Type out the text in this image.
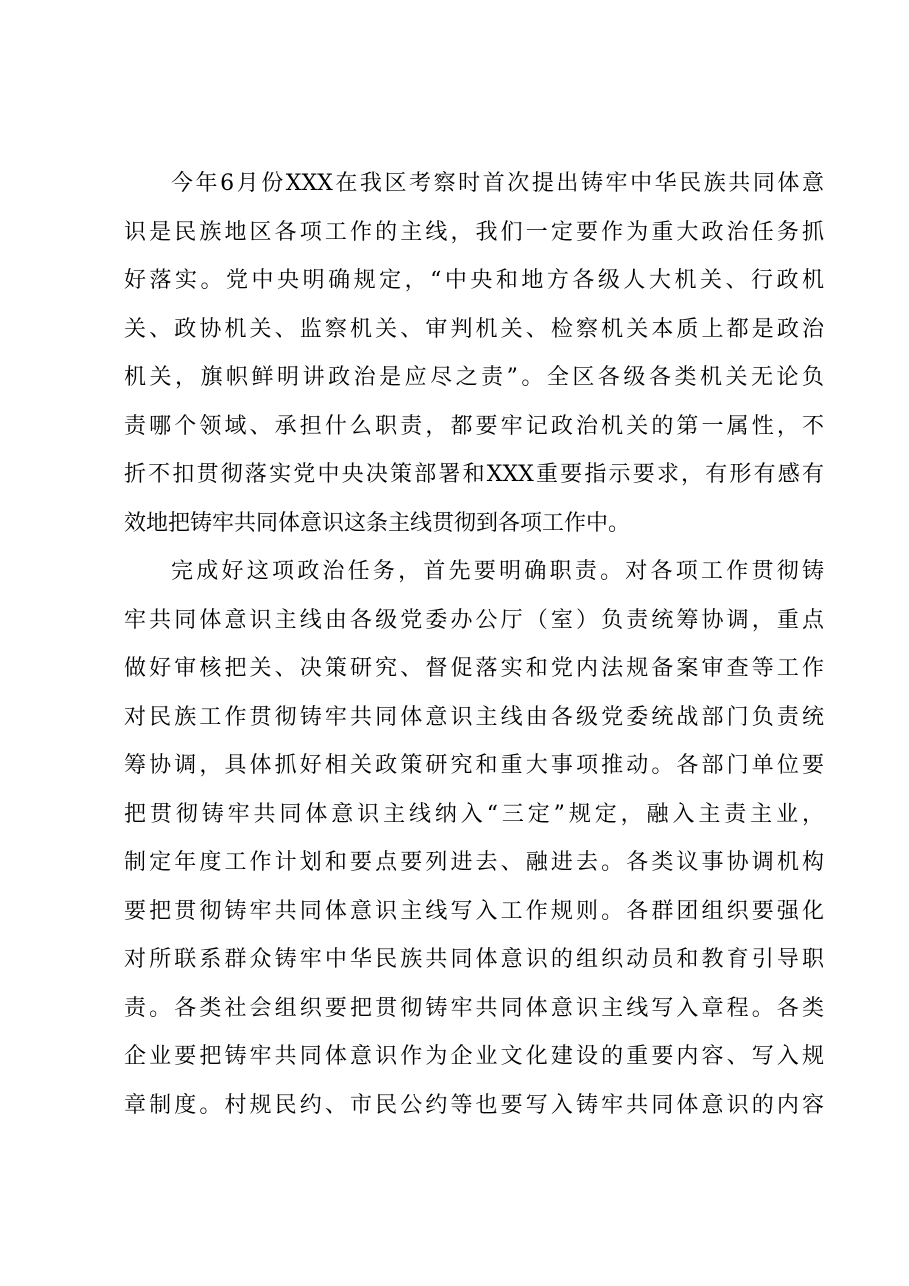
今年6月份XXX在我区考察时首次提出铸牢中华民族共同体意

识是民族地区各项工作的主线，我们一定要作为重大政治任务抓

好落实。党中央明确规定，“中央和地方各级人大机关、行政机

关、政协机关、监察机关、审判机关、检察机关本质上都是政治

机关，旗帜鲜明讲政治是应尽之责”。全区各级各类机关无论负

责哪个领域、承担什么职责，都要牢记政治机关的第一属性，不

折不扣贯彻落实党中央决策部署和XXX重要指示要求，有形有感有

效地把铸牢共同体意识这条主线贯彻到各项工作中。

完成好这项政治任务，首先要明确职责。对各项工作贯彻铸

牢共同体意识主线由各级党委办公厅（室）负责统筹协调，重点

做好审核把关、决策研究、督促落实和党内法规备案审查等工作

对民族工作贯彻铸牢共同体意识主线由各级党委统战部门负责统

筹协调，具体抓好相关政策研究和重大事项推动。各部门单位要

把贯彻铸牢共同体意识主线纳入“三定”规定，融入主责主业，

制定年度工作计划和要点要列进去、融进去。各类议事协调机构

要把贯彻铸牢共同体意识主线写入工作规则。各群团组织要强化

对所联系群众铸牢中华民族共同体意识的组织动员和教育引导职

责。各类社会组织要把贯彻铸牢共同体意识主线写入章程。各类

企业要把铸牢共同体意识作为企业文化建设的重要内容、写入规

章制度。村规民约、市民公约等也要写入铸牢共同体意识的内容
